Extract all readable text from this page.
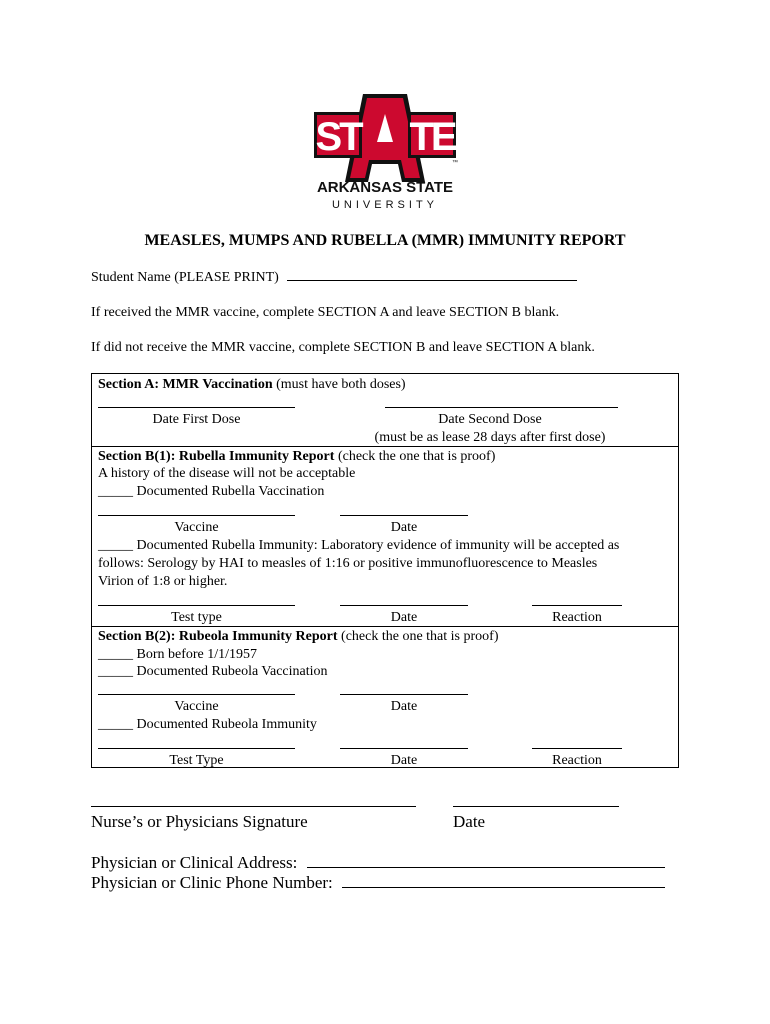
ST TE
™
ARKANSAS STATE
UNIVERSITY
MEASLES, MUMPS AND RUBELLA (MMR) IMMUNITY REPORT
Student Name (PLEASE PRINT)
If received the MMR vaccine, complete SECTION A and leave SECTION B blank.
If did not receive the MMR vaccine, complete SECTION B and leave SECTION A blank.
Section A: MMR Vaccination (must have both doses)
Date First Dose	Date Second Dose
(must be as lease 28 days after first dose)
Section B(1): Rubella Immunity Report (check the one that is proof)
A history of the disease will not be acceptable
_____ Documented Rubella Vaccination
Vaccine	Date
_____ Documented Rubella Immunity: Laboratory evidence of immunity will be accepted as
follows: Serology by HAI to measles of 1:16 or positive immunofluorescence to Measles
Virion of 1:8 or higher.
Test type	Date	Reaction
Section B(2): Rubeola Immunity Report (check the one that is proof)
_____ Born before 1/1/1957
_____ Documented Rubeola Vaccination
Vaccine	Date
_____ Documented Rubeola Immunity
Test Type	Date	Reaction
Nurse’s or Physicians Signature	Date
Physician or Clinical Address:
Physician or Clinic Phone Number:
